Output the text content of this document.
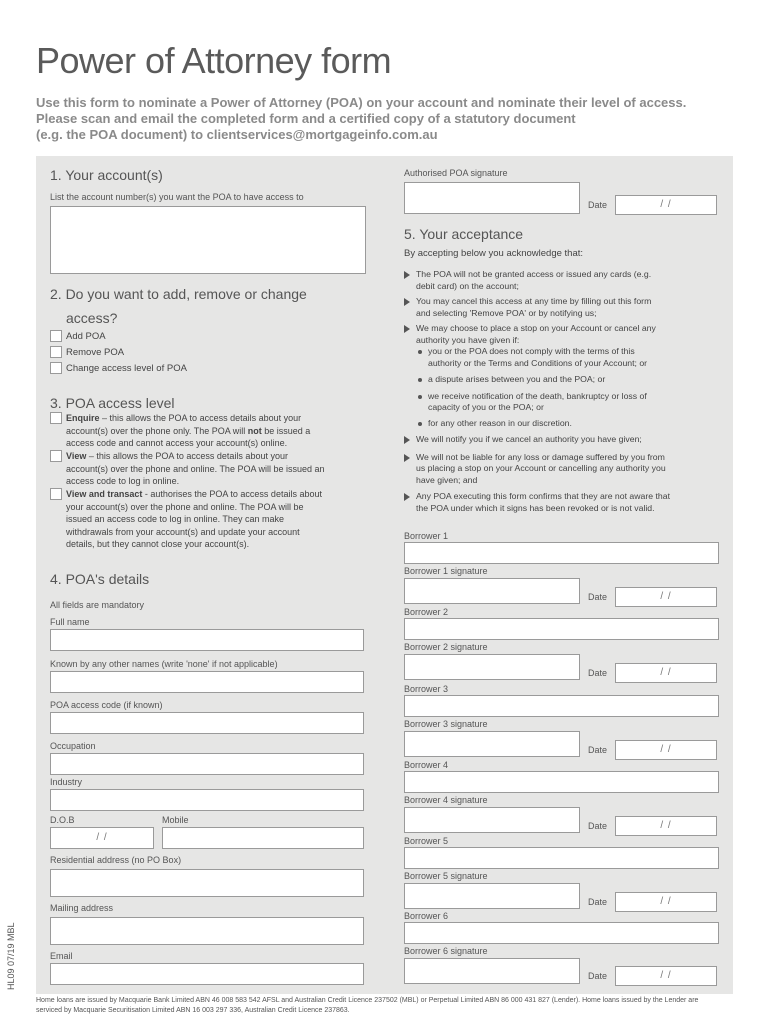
Power of Attorney form
Use this form to nominate a Power of Attorney (POA) on your account and nominate their level of access.
Please scan and email the completed form and a certified copy of a statutory document
(e.g. the POA document) to clientservices@mortgageinfo.com.au
1. Your account(s)
List the account number(s) you want the POA to have access to
2. Do you want to add, remove or change
access?
Add POA
Remove POA
Change access level of POA
3. POA access level
Enquire – this allows the POA to access details about your
account(s) over the phone only. The POA will not be issued a
access code and cannot access your account(s) online.
View – this allows the POA to access details about your
account(s) over the phone and online. The POA will be issued an
access code to log in online.
View and transact - authorises the POA to access details about
your account(s) over the phone and online. The POA will be
issued an access code to log in online. They can make
withdrawals from your account(s) and update your account
details, but they cannot close your account(s).
4. POA's details
All fields are mandatory
Full name
Known by any other names (write 'none' if not applicable)
POA access code (if known)
Occupation
Industry
D.O.B
/ /
Mobile
Residential address (no PO Box)
Mailing address
Email
Authorised POA signature
Date	/ /
5. Your acceptance
By accepting below you acknowledge that:
The POA will not be granted access or issued any cards (e.g.
debit card) on the account;
You may cancel this access at any time by filling out this form
and selecting 'Remove POA' or by notifying us;
We may choose to place a stop on your Account or cancel any
authority you have given if:
you or the POA does not comply with the terms of this
authority or the Terms and Conditions of your Account; or
a dispute arises between you and the POA; or
we receive notification of the death, bankruptcy or loss of
capacity of you or the POA; or
for any other reason in our discretion.
We will notify you if we cancel an authority you have given;
We will not be liable for any loss or damage suffered by you from
us placing a stop on your Account or cancelling any authority you
have given; and
Any POA executing this form confirms that they are not aware that
the POA under which it signs has been revoked or is not valid.
Borrower 1
Borrower 1 signature
Date	/ /
Borrower 2
Borrower 2 signature
Date	/ /
Borrower 3
Borrower 3 signature
Date	/ /
Borrower 4
Borrower 4 signature
Date	/ /
Borrower 5
Borrower 5 signature
Date	/ /
Borrower 6
Borrower 6 signature
Date	/ /
HL09 07/19 MBL
Home loans are issued by Macquarie Bank Limited ABN 46 008 583 542 AFSL and Australian Credit Licence 237502 (MBL) or Perpetual Limited ABN 86 000 431 827 (Lender). Home loans issued by the Lender are
serviced by Macquarie Securitisation Limited ABN 16 003 297 336, Australian Credit Licence 237863.
